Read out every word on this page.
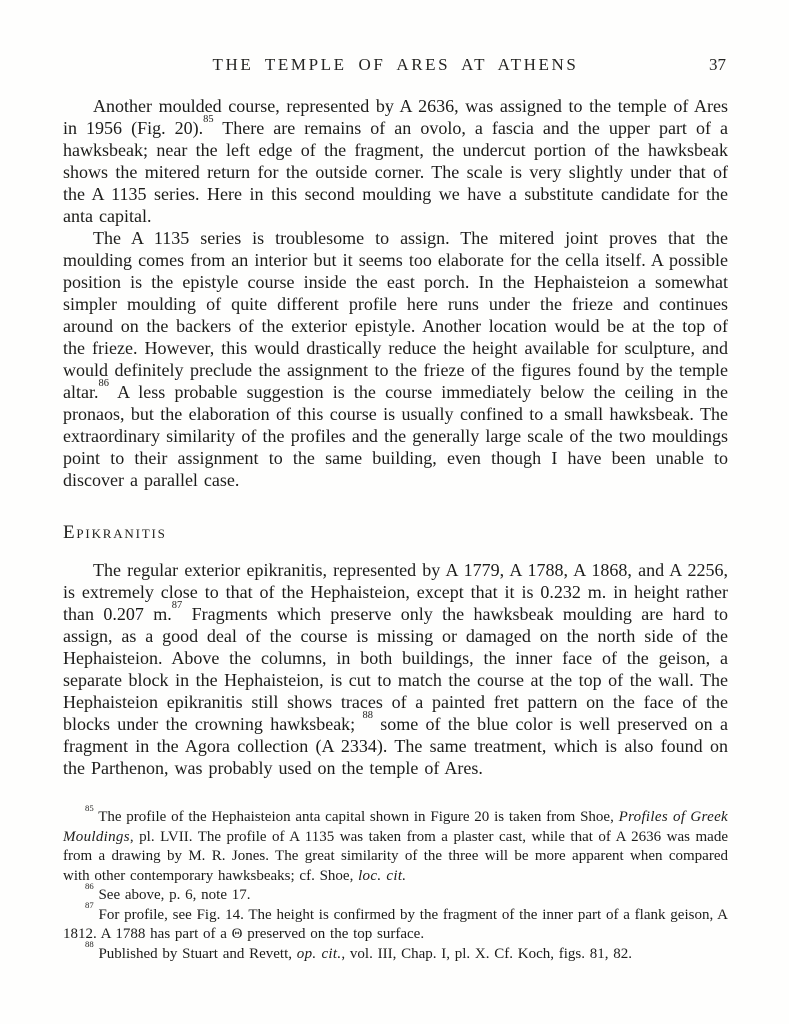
THE TEMPLE OF ARES AT ATHENS	37

Another moulded course, represented by A 2636, was assigned to the temple of Ares in 1956 (Fig. 20).$^{85}$ There are remains of an ovolo, a fascia and the upper part of a hawksbeak; near the left edge of the fragment, the undercut portion of the hawksbeak shows the mitered return for the outside corner. The scale is very slightly under that of the A 1135 series. Here in this second moulding we have a substitute candidate for the anta capital.

The A 1135 series is troublesome to assign. The mitered joint proves that the moulding comes from an interior but it seems too elaborate for the cella itself. A possible position is the epistyle course inside the east porch. In the Hephaisteion a somewhat simpler moulding of quite different profile here runs under the frieze and continues around on the backers of the exterior epistyle. Another location would be at the top of the frieze. However, this would drastically reduce the height available for sculpture, and would definitely preclude the assignment to the frieze of the figures found by the temple altar.$^{86}$ A less probable suggestion is the course immediately below the ceiling in the pronaos, but the elaboration of this course is usually confined to a small hawksbeak. The extraordinary similarity of the profiles and the generally large scale of the two mouldings point to their assignment to the same building, even though I have been unable to discover a parallel case.

Epikranitis

The regular exterior epikranitis, represented by A 1779, A 1788, A 1868, and A 2256, is extremely close to that of the Hephaisteion, except that it is 0.232 m. in height rather than 0.207 m.$^{87}$ Fragments which preserve only the hawksbeak moulding are hard to assign, as a good deal of the course is missing or damaged on the north side of the Hephaisteion. Above the columns, in both buildings, the inner face of the geison, a separate block in the Hephaisteion, is cut to match the course at the top of the wall. The Hephaisteion epikranitis still shows traces of a painted fret pattern on the face of the blocks under the crowning hawksbeak; $^{88}$ some of the blue color is well preserved on a fragment in the Agora collection (A 2334). The same treatment, which is also found on the Parthenon, was probably used on the temple of Ares.

$^{85}$ The profile of the Hephaisteion anta capital shown in Figure 20 is taken from Shoe, Profiles of Greek Mouldings, pl. LVII. The profile of A 1135 was taken from a plaster cast, while that of A 2636 was made from a drawing by M. R. Jones. The great similarity of the three will be more apparent when compared with other contemporary hawksbeaks; cf. Shoe, loc. cit.

$^{86}$ See above, p. 6, note 17.

$^{87}$ For profile, see Fig. 14. The height is confirmed by the fragment of the inner part of a flank geison, A 1812. A 1788 has part of a Θ preserved on the top surface.

$^{88}$ Published by Stuart and Revett, op. cit., vol. III, Chap. I, pl. X. Cf. Koch, figs. 81, 82.
